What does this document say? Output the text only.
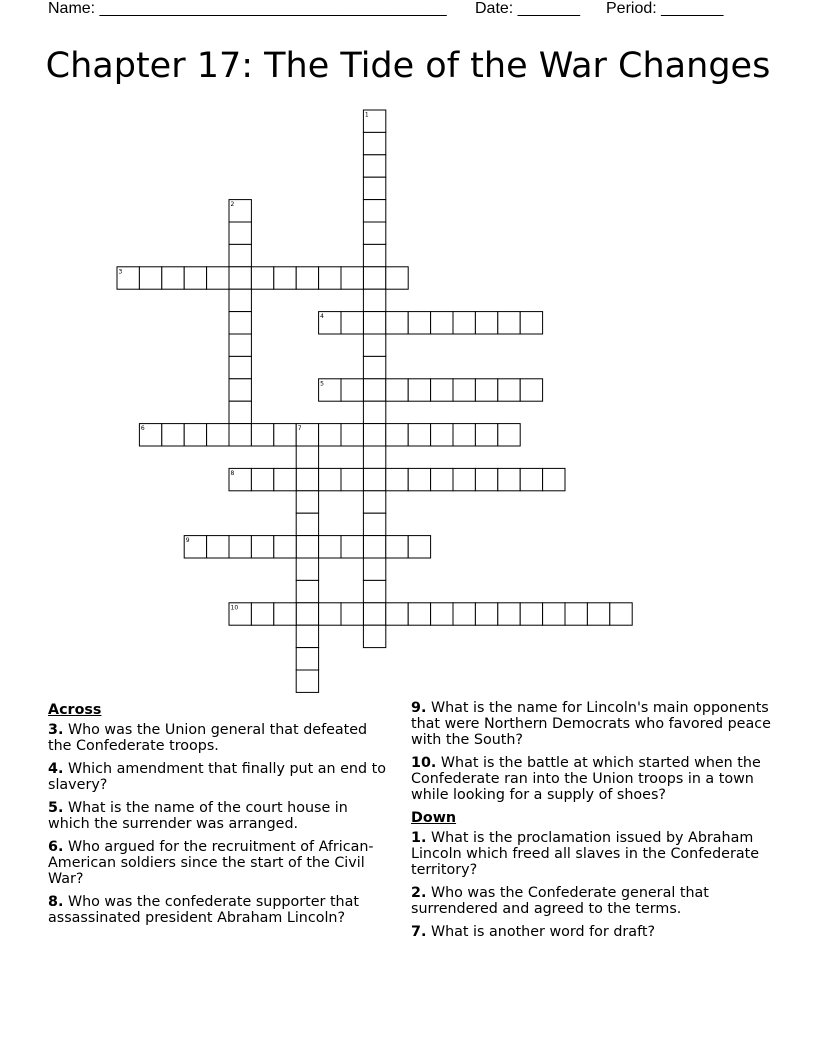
Name: _______________________________________ Date: _______ Period: _______
Chapter 17: The Tide of the War Changes
1
2
3
4
5
6	7
8
9
10
Across
3. Who was the Union general that defeated the Confederate troops.
4. Which amendment that finally put an end to slavery?
5. What is the name of the court house in which the surrender was arranged.
6. Who argued for the recruitment of African-American soldiers since the start of the Civil War?
8. Who was the confederate supporter that assassinated president Abraham Lincoln?
9. What is the name for Lincoln's main opponents that were Northern Democrats who favored peace with the South?
10. What is the battle at which started when the Confederate ran into the Union troops in a town while looking for a supply of shoes?
Down
1. What is the proclamation issued by Abraham Lincoln which freed all slaves in the Confederate territory?
2. Who was the Confederate general that surrendered and agreed to the terms.
7. What is another word for draft?
